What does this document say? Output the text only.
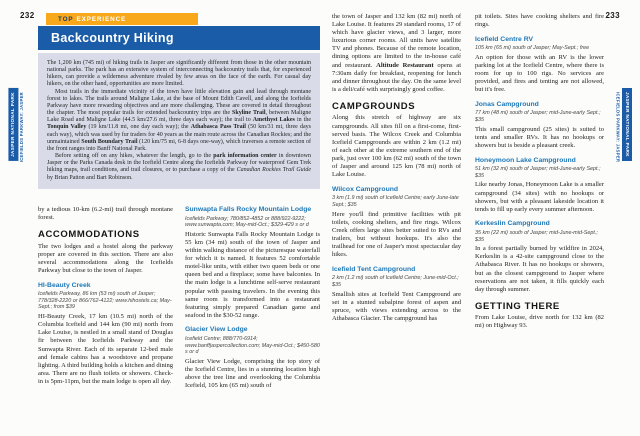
232	233
JASPER NATIONAL PARK	ICEFIELDS PARKWAY: JASPER	ICEFIELDS PARKWAY: JASPER JASPER NATIONAL PARK
TOP EXPERIENCE
Backcountry Hiking

The 1,200 km (745 mi) of hiking trails in Jasper are significantly different from those in the other mountain national parks. The park has an extensive system of interconnecting backcountry trails that, for experienced hikers, can provide a wilderness adventure rivaled by few areas on the face of the earth. For casual day hikers, on the other hand, opportunities are more limited.

Most trails in the immediate vicinity of the town have little elevation gain and lead through montane forest to lakes. The trails around Maligne Lake, at the base of Mount Edith Cavell, and along the Icefields Parkway have more rewarding objectives and are more challenging. These are covered in detail throughout the chapter. The most popular trails for extended backcountry trips are the Skyline Trail, between Maligne Lake Road and Maligne Lake (44.5 km/27.6 mi, three days each way); the trail to Amethyst Lakes in the Tonquin Valley (19 km/11.8 mi, one day each way); the Athabasca Pass Trail (50 km/31 mi, three days each way), which was used by fur traders for 40 years as the main route across the Canadian Rockies; and the unmaintained South Boundary Trail (120 km/75 mi, 6-8 days one-way), which traverses a remote section of the front ranges into Banff National Park.

Before setting off on any hikes, whatever the length, go to the park information center in downtown Jasper or the Parks Canada desk in the Icefield Centre along the Icefields Parkway for waterproof Gem Trek hiking maps, trail conditions, and trail closures, or to purchase a copy of the Canadian Rockies Trail Guide by Brian Patton and Bart Robinson.

by a tedious 10-km (6.2-mi) trail through montane forest.

ACCOMMODATIONS

The two lodges and a hostel along the parkway proper are covered in this section. There are also several accommodations along the Icefields Parkway but close to the town of Jasper.

HI-Beauty Creek
Icefields Parkway, 86 km (53 mi) south of Jasper; 778/328-2220 or 866/762-4122; www.hihostels.ca; May-Sept.; from $39

HI-Beauty Creek, 17 km (10.5 mi) north of the Columbia Icefield and 144 km (90 mi) north from Lake Louise, is nestled in a small stand of Douglas fir between the Icefields Parkway and the Sunwapta River. Each of its separate 12-bed male and female cabins has a woodstove and propane lighting. A third building holds a kitchen and dining area. There are no flush toilets or showers. Check-in is 5pm-11pm, but the main lodge is open all day.

Sunwapta Falls Rocky Mountain Lodge
Icefields Parkway; 780/852-4852 or 888/922-9222; www.sunwapta.com; May-mid-Oct.; $329-429 s or d

Historic Sunwapta Falls Rocky Mountain Lodge is 55 km (34 mi) south of the town of Jasper and within walking distance of the picturesque waterfall for which it is named. It features 52 comfortable motel-like units, with either two queen beds or one queen bed and a fireplace; some have balconies. In the main lodge is a lunchtime self-serve restaurant popular with passing travelers. In the evening this same room is transformed into a restaurant featuring simply prepared Canadian game and seafood in the $30-52 range.

Glacier View Lodge
Icefield Centre; 888/770-6914; www.banffjaspercollection.com; May-mid-Oct.; $450-580 s or d

Glacier View Lodge, comprising the top story of the Icefield Centre, lies in a stunning location high above the tree line and overlooking the Columbia Icefield, 105 km (65 mi) south of

the town of Jasper and 132 km (82 mi) north of Lake Louise. It features 29 standard rooms, 17 of which have glacier views, and 3 larger, more luxurious corner rooms. All units have satellite TV and phones. Because of the remote location, dining options are limited to the in-house café and restaurant. Altitude Restaurant opens at 7:30am daily for breakfast, reopening for lunch and dinner throughout the day. On the same level is a deli/café with surprisingly good coffee.

CAMPGROUNDS

Along this stretch of highway are six campgrounds. All sites fill on a first-come, first-served basis. The Wilcox Creek and Columbia Icefield Campgrounds are within 2 km (1.2 mi) of each other at the extreme southern end of the park, just over 100 km (62 mi) south of the town of Jasper and around 125 km (78 mi) north of Lake Louise.

Wilcox Campground
3 km (1.9 mi) south of Icefield Centre; early June-late Sept.; $35

Here you'll find primitive facilities with pit toilets, cooking shelters, and fire rings. Wilcox Creek offers large sites better suited to RVs and trailers, but without hookups. It's also the trailhead for one of Jasper's most spectacular day hikes.

Icefield Tent Campground
2 km (1.2 mi) south of Icefield Centre; June-mid-Oct.; $35

Smallish sites at Icefield Tent Campground are set in a stunted subalpine forest of aspen and spruce, with views extending across to the Athabasca Glacier. The campground has

pit toilets. Sites have cooking shelters and fire rings.

Icefield Centre RV
105 km (65 mi) south of Jasper; May-Sept.; free

An option for those with an RV is the lower parking lot at the Icefield Centre, where there is room for up to 100 rigs. No services are provided, and fires and tenting are not allowed, but it's free.

Jonas Campground
77 km (48 mi) south of Jasper; mid-June-early Sept.; $35

This small campground (25 sites) is suited to tents and smaller RVs. It has no hookups or showers but is beside a pleasant creek.

Honeymoon Lake Campground
51 km (32 mi) south of Jasper; mid-June-early Sept.; $35

Like nearby Jonas, Honeymoon Lake is a smaller campground (34 sites) with no hookups or showers, but with a pleasant lakeside location it tends to fill up early every summer afternoon.

Kerkeslin Campground
35 km (22 mi) south of Jasper; mid-June-mid-Sept.; $35

In a forest partially burned by wildfire in 2024, Kerkeslin is a 42-site campground close to the Athabasca River. It has no hookups or showers, but as the closest campground to Jasper where reservations are not taken, it fills quickly each day through summer.

GETTING THERE

From Lake Louise, drive north for 132 km (82 mi) on Highway 93.
